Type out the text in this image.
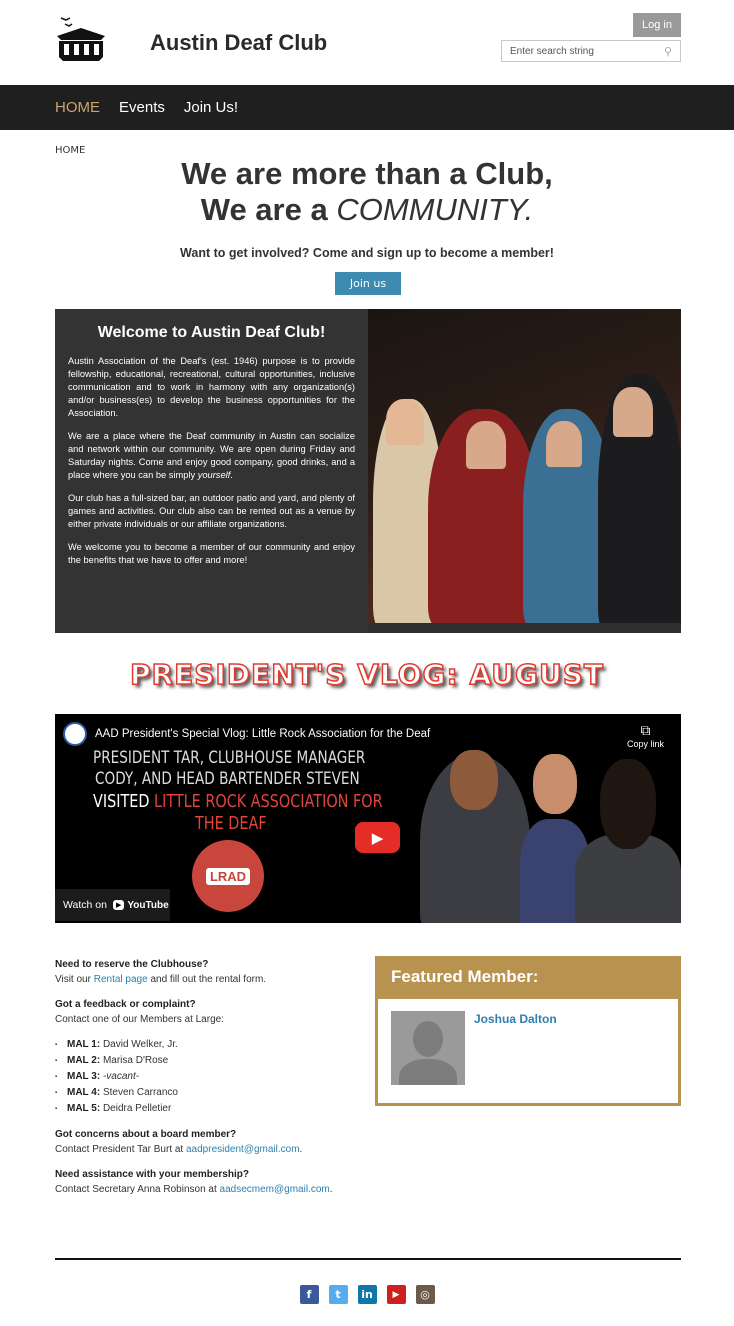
Austin Deaf Club
Log in
Enter search string	⚲
HOME Events Join Us!
HOME
We are more than a Club,
We are a COMMUNITY.
Want to get involved? Come and sign up to become a member!
Join us
Welcome to Austin Deaf Club!

Austin Association of the Deaf's (est. 1946) purpose is to provide fellowship, educational, recreational, cultural opportunities, inclusive communication and to work in harmony with any organization(s) and/or business(es) to develop the business opportunities for the Association.

We are a place where the Deaf community in Austin can socialize and network within our community. We are open during Friday and Saturday nights. Come and enjoy good company, good drinks, and a place where you can be simply yourself.

Our club has a full-sized bar, an outdoor patio and yard, and plenty of games and activities. Our club also can be rented out as a venue by either private individuals or our affiliate organizations.

We welcome you to become a member of our community and enjoy the benefits that we have to offer and more!

PRESIDENT'S VLOG: AUGUST
AAD President's Special Vlog: Little Rock Association for the Deaf
PRESIDENT TAR, CLUBHOUSE MANAGER
CODY, AND HEAD BARTENDER STEVEN
VISITED LITTLE ROCK ASSOCIATION FOR
THE DEAF
LRAD
⧉
Copy link
▶
Watch on	▶ YouTube
Need to reserve the Clubhouse?
Visit our Rental page and fill out the rental form.
Got a feedback or complaint?
Contact one of our Members at Large:
▪ MAL 1: David Welker, Jr.
▪ MAL 2: Marisa D'Rose
▪ MAL 3: -vacant-
▪ MAL 4: Steven Carranco
▪ MAL 5: Deidra Pelletier
Got concerns about a board member?
Contact President Tar Burt at aadpresident@gmail.com.
Need assistance with your membership?
Contact Secretary Anna Robinson at aadsecmem@gmail.com.
Featured Member:
Joshua Dalton
f	t	in	▶	◎
